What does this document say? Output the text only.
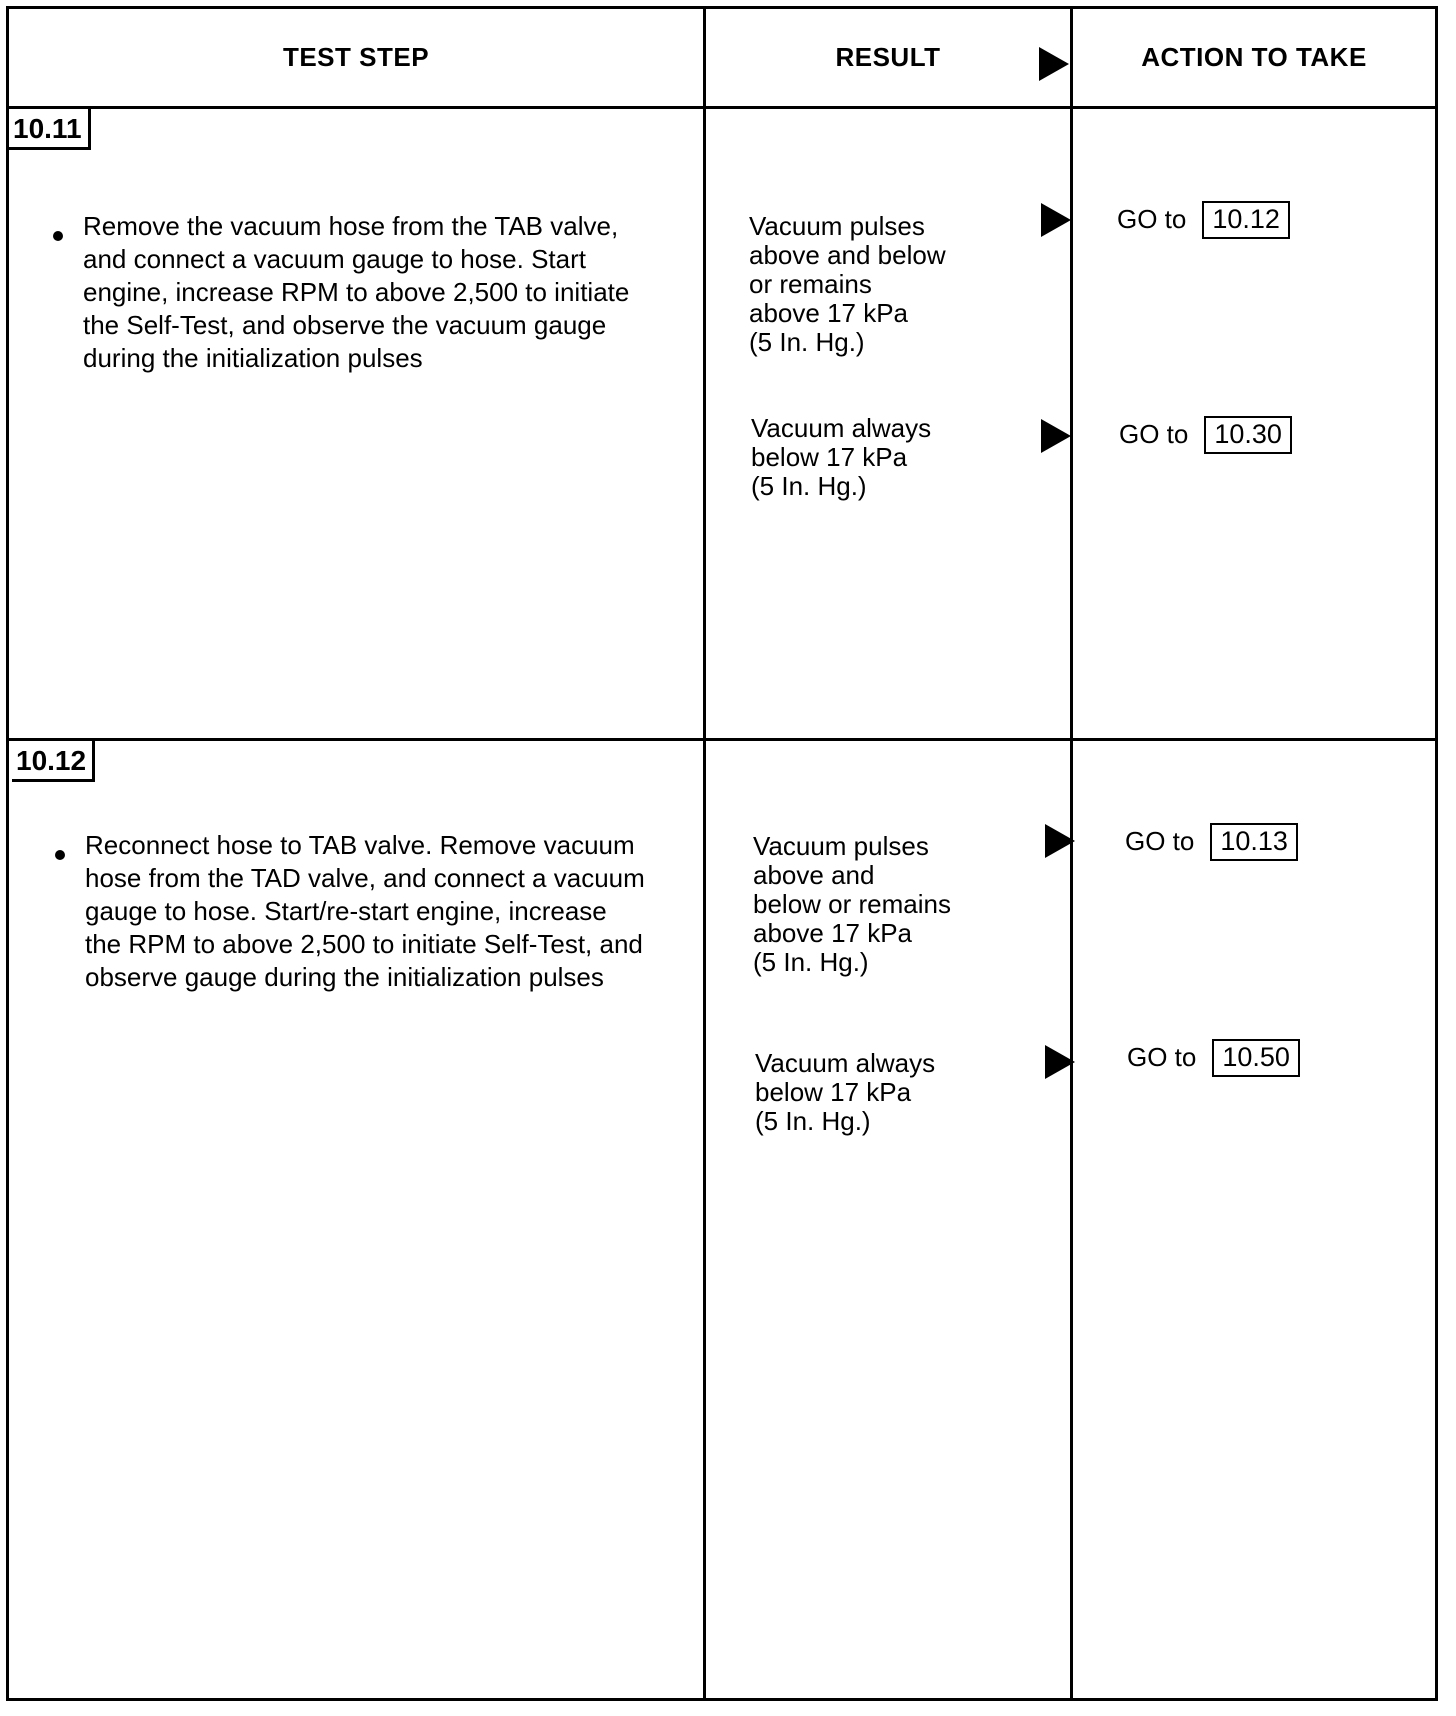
TEST STEP	RESULT	ACTION TO TAKE
10.11
Remove the vacuum hose from the TAB valve, and connect a vacuum gauge to hose. Start engine, increase RPM to above 2,500 to initiate the Self-Test, and observe the vacuum gauge during the initialization pulses
Vacuum pulses
above and below
or remains
above 17 kPa
(5 In. Hg.)
GO to 10.12
Vacuum always
below 17 kPa
(5 In. Hg.)
GO to 10.30
10.12
Reconnect hose to TAB valve. Remove vacuum hose from the TAD valve, and connect a vacuum gauge to hose. Start/re-start engine, increase the RPM to above 2,500 to initiate Self-Test, and observe gauge during the initialization pulses
Vacuum pulses
above and
below or remains
above 17 kPa
(5 In. Hg.)
GO to 10.13
Vacuum always
below 17 kPa
(5 In. Hg.)
GO to 10.50
